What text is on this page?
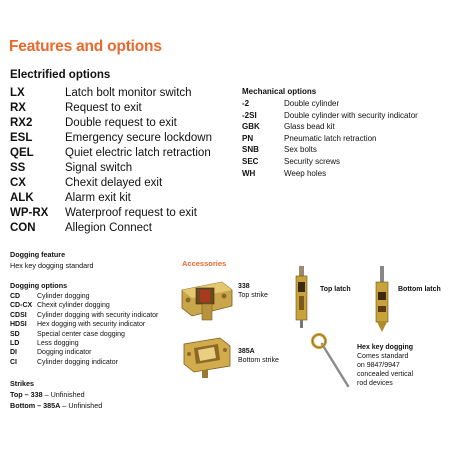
Features and options
Electrified options
LX	Latch bolt monitor switch
RX	Request to exit
RX2	Double request to exit
ESL	Emergency secure lockdown
QEL	Quiet electric latch retraction
SS	Signal switch
CX	Chexit delayed exit
ALK	Alarm exit kit
WP-RX	Waterproof request to exit
CON	Allegion Connect
Mechanical options
-2	Double cylinder
-2SI	Double cylinder with security indicator
GBK	Glass bead kit
PN	Pneumatic latch retraction
SNB	Sex bolts
SEC	Security screws
WH	Weep holes
Dogging feature
Hex key dogging standard
Dogging options
CD	Cylinder dogging
CD-CX Chexit cylinder dogging
CDSI	Cylinder dogging with security indicator
HDSI	Hex dogging with security indicator
SD	Special center case dogging
LD	Less dogging
DI	Dogging indicator
CI	Cylinder dogging indicator
Strikes
Top – 338 – Unfinished
Bottom – 385A – Unfinished
Accessories
338
Top strike
385A
Bottom strike
Top latch	Bottom latch
Hex key dogging
Comes standard
on 9847/9947
concealed vertical
rod devices
